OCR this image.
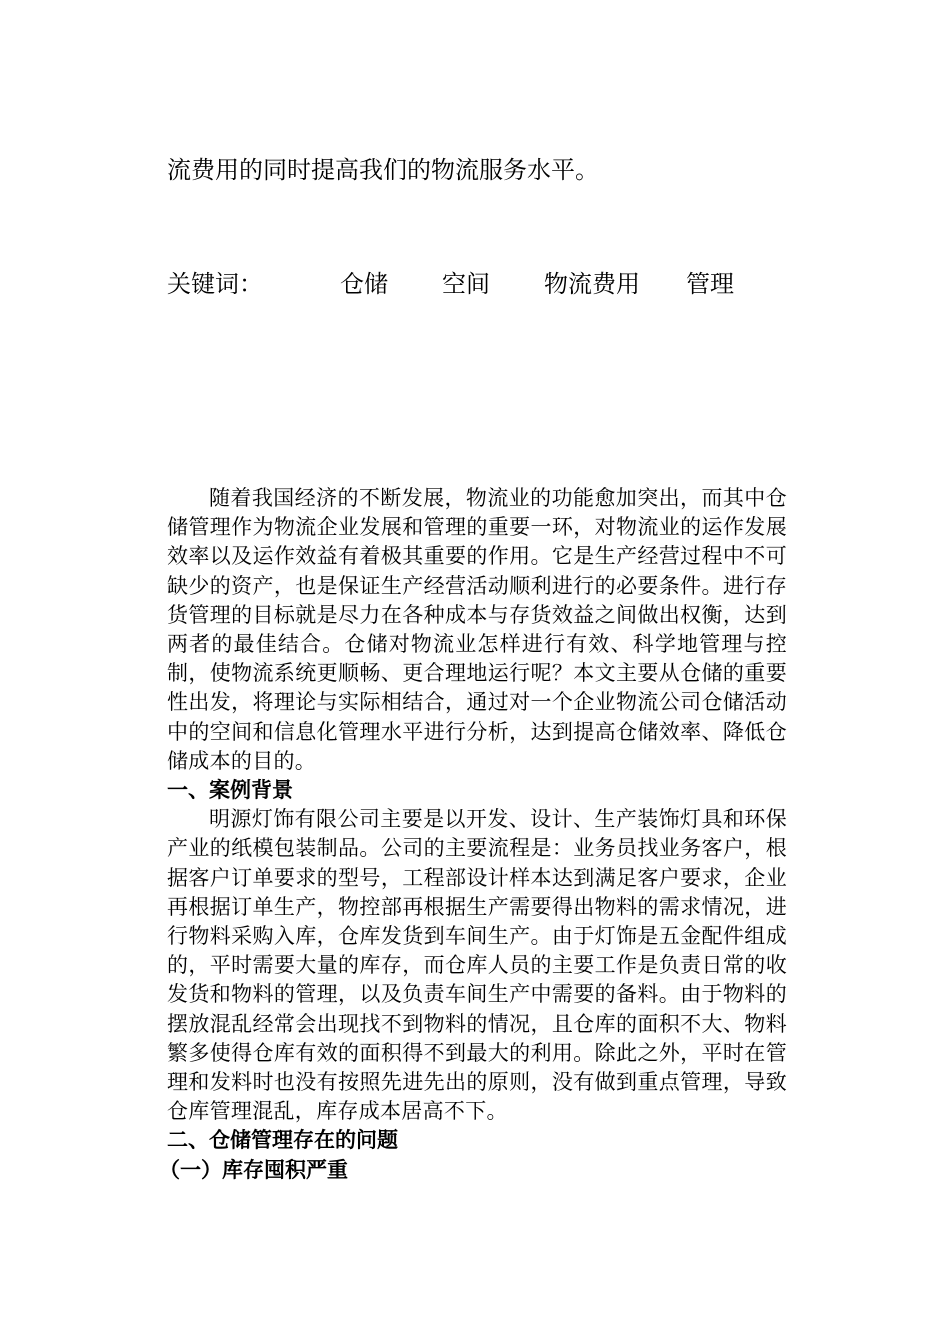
流费用的同时提高我们的物流服务水平。
关键词：	仓储 空间 物流费用 管理

随着我国经济的不断发展，物流业的功能愈加突出，而其中仓储管理作为物流企业发展和管理的重要一环，对物流业的运作发展效率以及运作效益有着极其重要的作用。它是生产经营过程中不可缺少的资产，也是保证生产经营活动顺利进行的必要条件。进行存货管理的目标就是尽力在各种成本与存货效益之间做出权衡，达到两者的最佳结合。仓储对物流业怎样进行有效、科学地管理与控制，使物流系统更顺畅、更合理地运行呢？本文主要从仓储的重要性出发，将理论与实际相结合，通过对一个企业物流公司仓储活动中的空间和信息化管理水平进行分析，达到提高仓储效率、降低仓储成本的目的。

一、案例背景

明源灯饰有限公司主要是以开发、设计、生产装饰灯具和环保产业的纸模包装制品。公司的主要流程是：业务员找业务客户，根据客户订单要求的型号，工程部设计样本达到满足客户要求，企业再根据订单生产，物控部再根据生产需要得出物料的需求情况，进行物料采购入库，仓库发货到车间生产。由于灯饰是五金配件组成的，平时需要大量的库存，而仓库人员的主要工作是负责日常的收发货和物料的管理，以及负责车间生产中需要的备料。由于物料的摆放混乱经常会出现找不到物料的情况，且仓库的面积不大、物料繁多使得仓库有效的面积得不到最大的利用。除此之外，平时在管理和发料时也没有按照先进先出的原则，没有做到重点管理，导致仓库管理混乱，库存成本居高不下。

二、仓储管理存在的问题

（一）库存囤积严重
